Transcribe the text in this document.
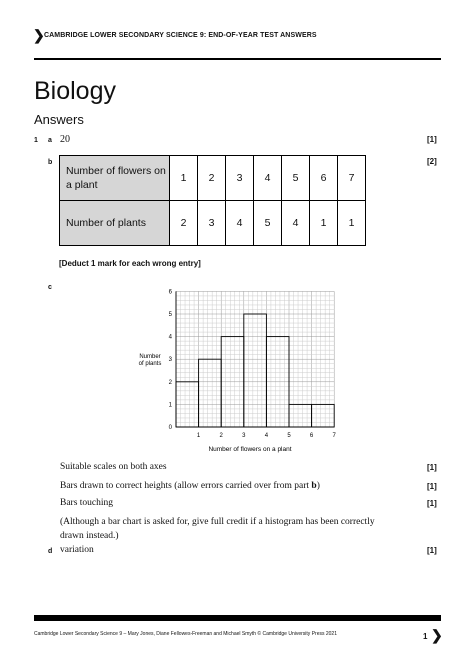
❯ CAMBRIDGE LOWER SECONDARY SCIENCE 9: END-OF-YEAR TEST ANSWERS
Biology
Answers
1 a 20	[1]
b	[2]
Number of flowers on a plant	1	2	3	4	5	6	7
Number of plants	2	3	4	5	4	1	1
[Deduct 1 mark for each wrong entry]
c
1	2	3	4	5	6	7
0
1
2
3
4
5
6
Number of plants
Number of flowers on a plant
Suitable scales on both axes	[1]
Bars drawn to correct heights (allow errors carried over from part b)	[1]
Bars touching	[1]
(Although a bar chart is asked for, give full credit if a histogram has been correctly drawn instead.)
d variation	[1]
Cambridge Lower Secondary Science 9 – Mary Jones, Diane Fellowes-Freeman and Michael Smyth © Cambridge University Press 2021	1 ❯
